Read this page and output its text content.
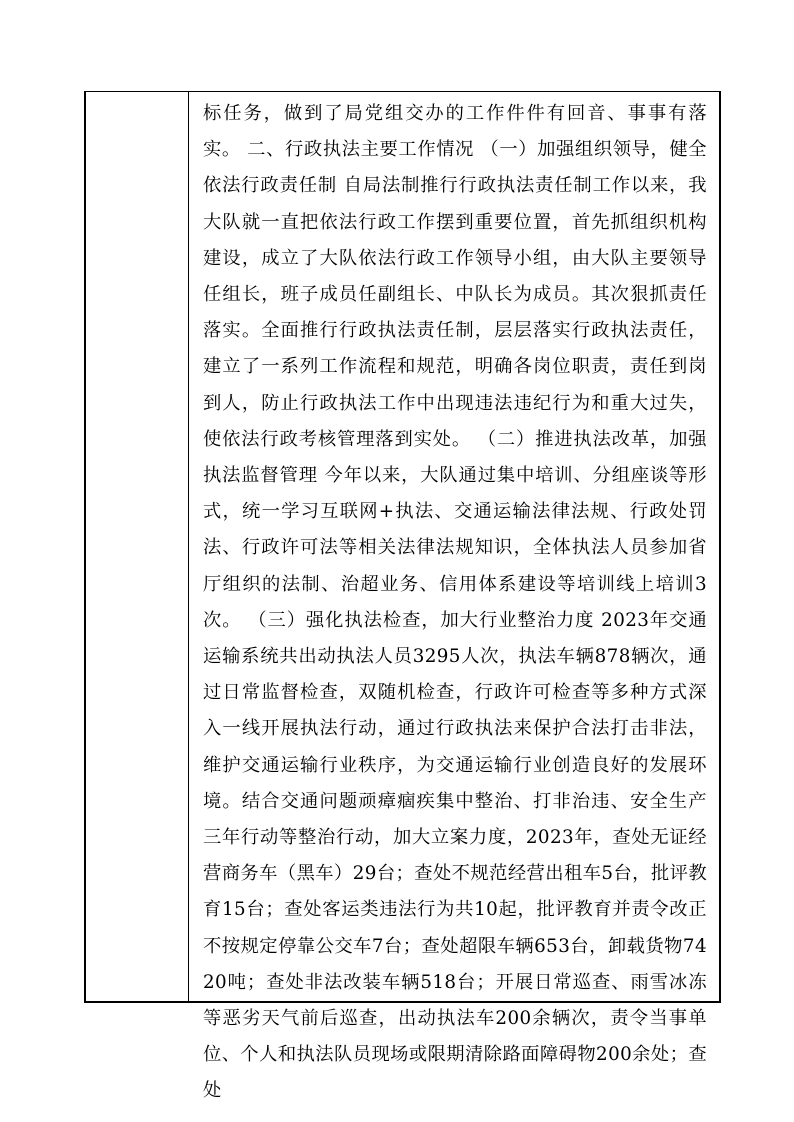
标任务，做到了局党组交办的工作件件有回音、事事有落实。 二、行政执法主要工作情况 （一）加强组织领导，健全依法行政责任制 自局法制推行行政执法责任制工作以来，我大队就一直把依法行政工作摆到重要位置，首先抓组织机构建设，成立了大队依法行政工作领导小组，由大队主要领导任组长，班子成员任副组长、中队长为成员。其次狠抓责任落实。全面推行行政执法责任制，层层落实行政执法责任，建立了一系列工作流程和规范，明确各岗位职责，责任到岗到人，防止行政执法工作中出现违法违纪行为和重大过失，使依法行政考核管理落到实处。 （二）推进执法改革，加强执法监督管理 今年以来，大队通过集中培训、分组座谈等形式，统一学习互联网+执法、交通运输法律法规、行政处罚法、行政许可法等相关法律法规知识，全体执法人员参加省厅组织的法制、治超业务、信用体系建设等培训线上培训3次。 （三）强化执法检查，加大行业整治力度 2023年交通运输系统共出动执法人员3295人次，执法车辆878辆次，通过日常监督检查，双随机检查，行政许可检查等多种方式深入一线开展执法行动，通过行政执法来保护合法打击非法，维护交通运输行业秩序，为交通运输行业创造良好的发展环境。结合交通问题顽瘴痼疾集中整治、打非治违、安全生产三年行动等整治行动，加大立案力度，2023年，查处无证经营商务车（黑车）29台；查处不规范经营出租车5台，批评教育15台；查处客运类违法行为共10起，批评教育并责令改正不按规定停靠公交车7台；查处超限车辆653台，卸载货物7420吨；查处非法改装车辆518台；开展日常巡查、雨雪冰冻等恶劣天气前后巡查，出动执法车200余辆次，责令当事单位、个人和执法队员现场或限期清除路面障碍物200余处；查处
